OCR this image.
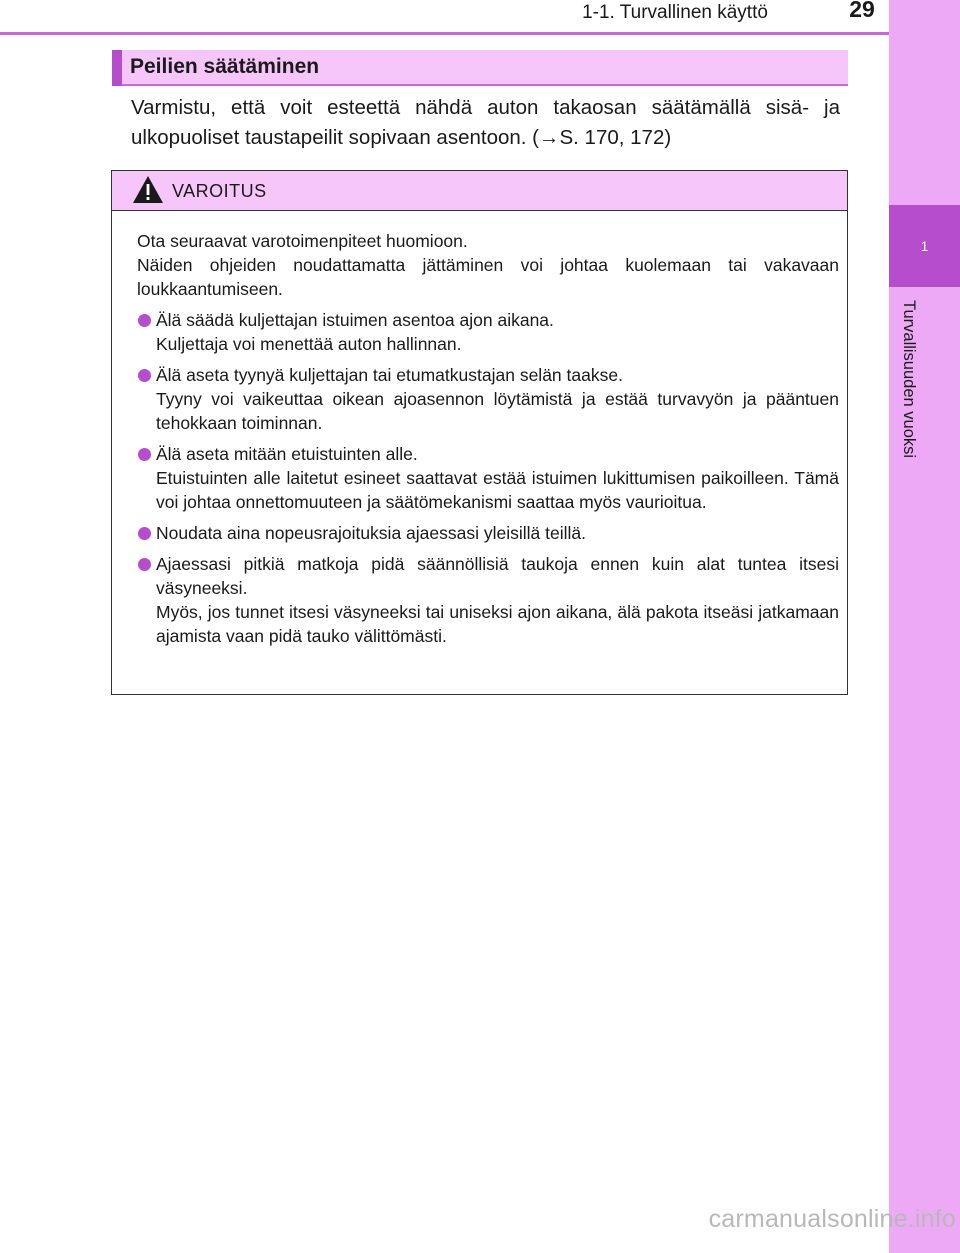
1-1. Turvallinen käyttö	29
1
Turvallisuuden vuoksi
Peilien säätäminen
Varmistu, että voit esteettä nähdä auton takaosan säätämällä sisä- ja ulkopuoliset taustapeilit sopivaan asentoon. (→S. 170, 172)
VAROITUS
Ota seuraavat varotoimenpiteet huomioon.
Näiden ohjeiden noudattamatta jättäminen voi johtaa kuolemaan tai vakavaan loukkaantumiseen.
Älä säädä kuljettajan istuimen asentoa ajon aikana.
Kuljettaja voi menettää auton hallinnan.
Älä aseta tyynyä kuljettajan tai etumatkustajan selän taakse.
Tyyny voi vaikeuttaa oikean ajoasennon löytämistä ja estää turvavyön ja pääntuen tehokkaan toiminnan.
Älä aseta mitään etuistuinten alle.
Etuistuinten alle laitetut esineet saattavat estää istuimen lukittumisen paikoilleen. Tämä voi johtaa onnettomuuteen ja säätömekanismi saattaa myös vaurioitua.
Noudata aina nopeusrajoituksia ajaessasi yleisillä teillä.
Ajaessasi pitkiä matkoja pidä säännöllisiä taukoja ennen kuin alat tuntea itsesi väsyneeksi.
Myös, jos tunnet itsesi väsyneeksi tai uniseksi ajon aikana, älä pakota itseäsi jatkamaan ajamista vaan pidä tauko välittömästi.
carmanualsonline.info
